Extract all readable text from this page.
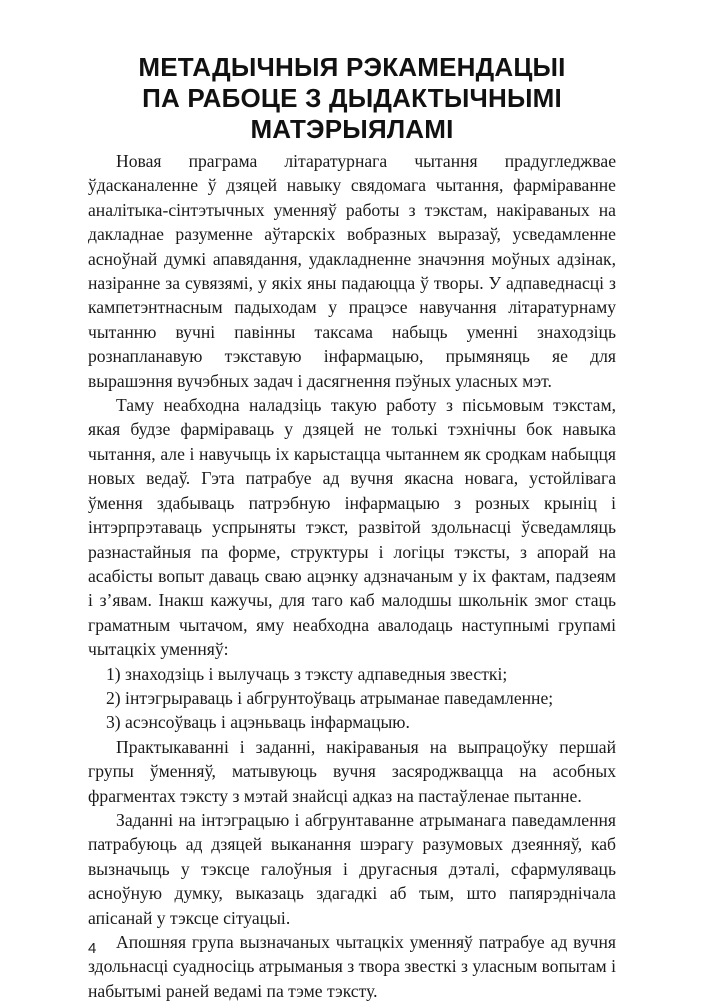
МЕТАДЫЧНЫЯ РЭКАМЕНДАЦЫІ
ПА РАБОЦЕ З ДЫДАКТЫЧНЫМІ
МАТЭРЫЯЛАМІ

Новая праграма літаратурнага чытання прадугледжвае ўдасканаленне ў дзяцей навыку свядомага чытання, фарміраванне аналітыка-сінтэтычных уменняў работы з тэкстам, накіраваных на дакладнае разуменне аўтарскіх вобразных выразаў, усведамленне асноўнай думкі апавядання, удакладненне значэння моўных адзінак, назіранне за сувязямі, у якіх яны падаюцца ў творы. У адпаведнасці з кампетэнтнасным падыходам у працэсе навучання літаратурнаму чытанню вучні павінны таксама набыць уменні знаходзіць рознапланавую тэкставую інфармацыю, прымяняць яе для вырашэння вучэбных задач і дасягнення пэўных уласных мэт.

Таму неабходна наладзіць такую работу з пісьмовым тэкстам, якая будзе фарміраваць у дзяцей не толькі тэхнічны бок навыка чытання, але і навучыць іх карыстацца чытаннем як сродкам набыцця новых ведаў. Гэта патрабуе ад вучня якасна новага, устойлівага ўмення здабываць патрэбную інфармацыю з розных крыніц і інтэрпрэтаваць успрыняты тэкст, развітой здольнасці ўсведамляць разнастайныя па форме, структуры і логіцы тэксты, з апорай на асабісты вопыт даваць сваю ацэнку адзначаным у іх фактам, падзеям і з’явам. Інакш кажучы, для таго каб малодшы школьнік змог стаць граматным чытачом, яму неабходна авалодаць наступнымі групамі чытацкіх уменняў:

1) знаходзіць і вылучаць з тэксту адпаведныя звесткі;

2) інтэгрыраваць і абгрунтоўваць атрыманае паведамленне;

3) асэнсоўваць і ацэньваць інфармацыю.

Практыкаванні і заданні, накіраваныя на выпрацоўку першай групы ўменняў, матывуюць вучня засяроджвацца на асобных фрагментах тэксту з мэтай знайсці адказ на пастаўленае пытанне.

Заданні на інтэграцыю і абгрунтаванне атрыманага паведамлення патрабуюць ад дзяцей выканання шэрагу разумовых дзеянняў, каб вызначыць у тэксце галоўныя і другасныя дэталі, сфармуляваць асноўную думку, выказаць здагадкі аб тым, што папярэднічала апісанай у тэксце сітуацыі.

Апошняя група вызначаных чытацкіх уменняў патрабуе ад вучня здольнасці суадносіць атрыманыя з твора звесткі з уласным вопытам і набытымі раней ведамі па тэме тэксту.

4
